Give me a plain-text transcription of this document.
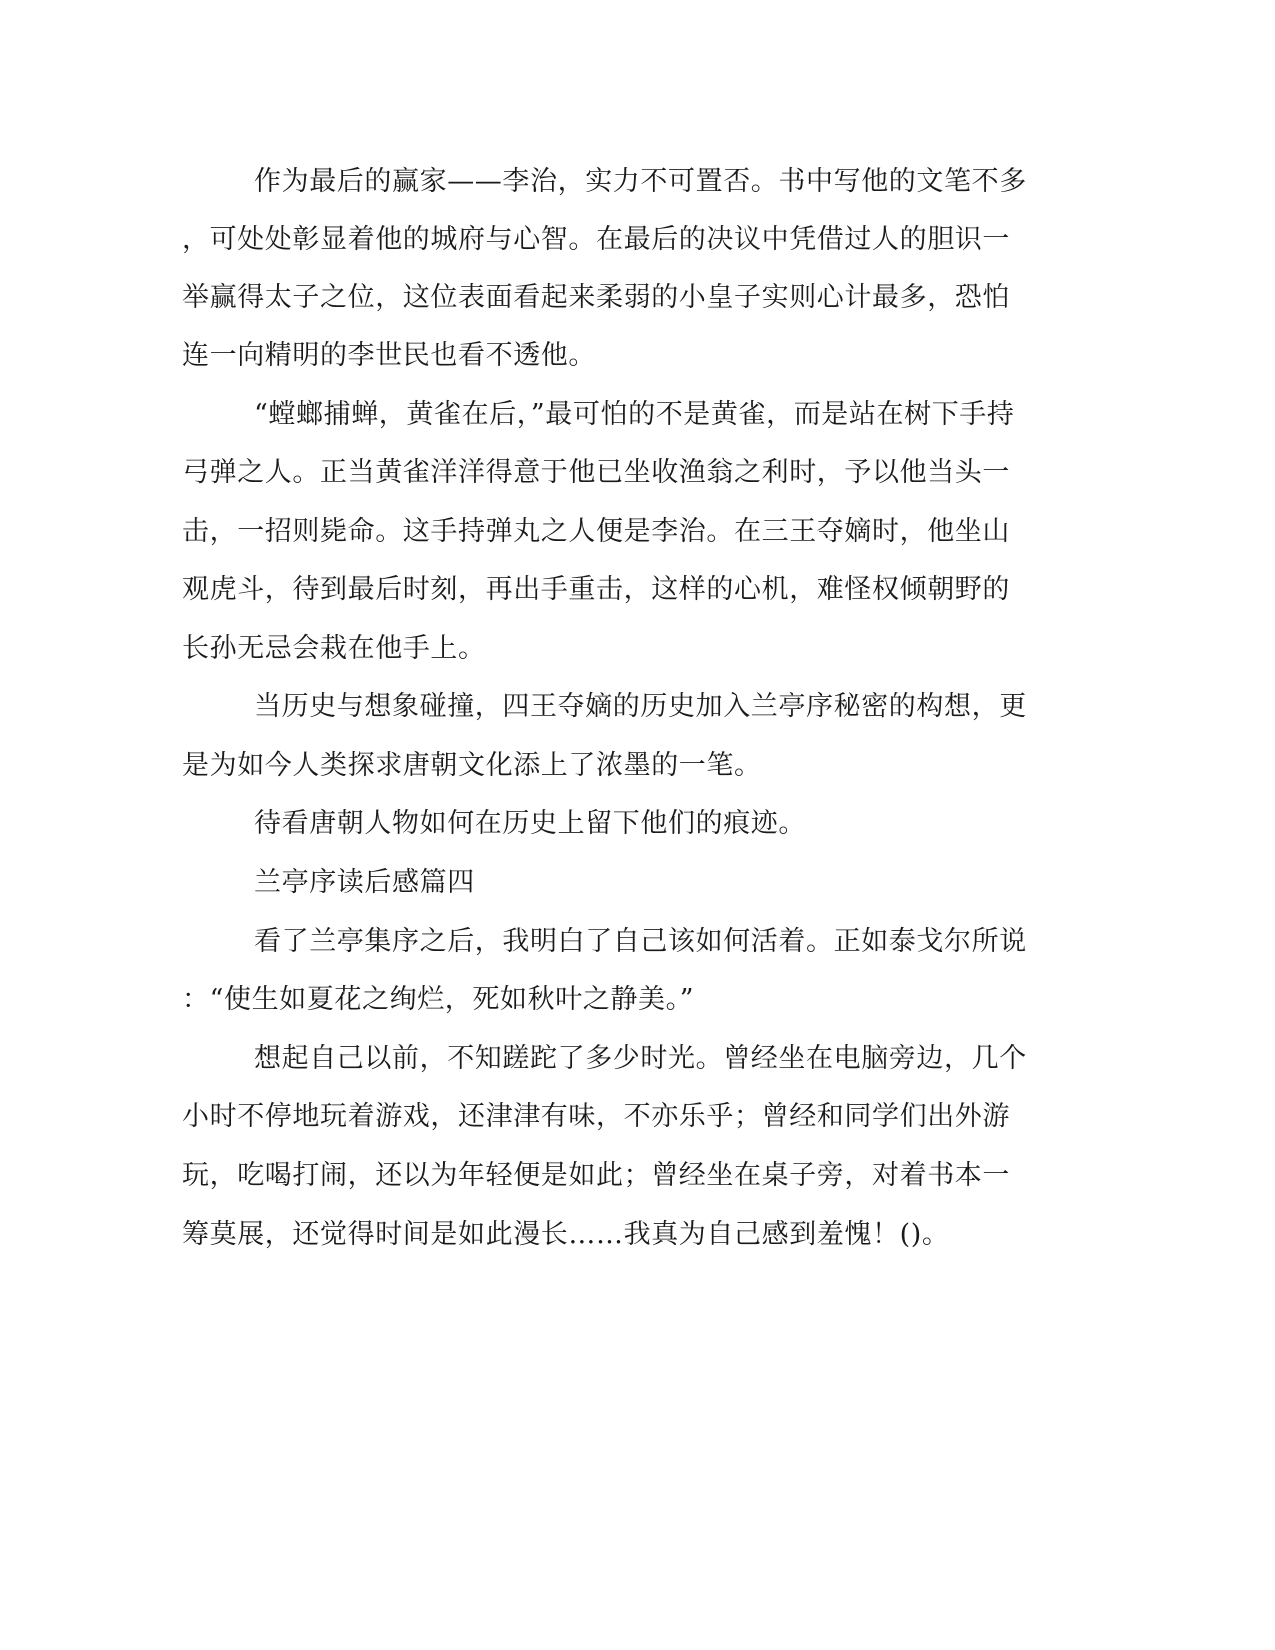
作为最后的赢家——李治，实力不可置否。书中写他的文笔不多

，可处处彰显着他的城府与心智。在最后的决议中凭借过人的胆识一

举赢得太子之位，这位表面看起来柔弱的小皇子实则心计最多，恐怕

连一向精明的李世民也看不透他。

“螳螂捕蝉，黄雀在后，”最可怕的不是黄雀，而是站在树下手持

弓弹之人。正当黄雀洋洋得意于他已坐收渔翁之利时，予以他当头一

击，一招则毙命。这手持弹丸之人便是李治。在三王夺嫡时，他坐山

观虎斗，待到最后时刻，再出手重击，这样的心机，难怪权倾朝野的

长孙无忌会栽在他手上。

当历史与想象碰撞，四王夺嫡的历史加入兰亭序秘密的构想，更

是为如今人类探求唐朝文化添上了浓墨的一笔。

待看唐朝人物如何在历史上留下他们的痕迹。

兰亭序读后感篇四

看了兰亭集序之后，我明白了自己该如何活着。正如泰戈尔所说

：“使生如夏花之绚烂，死如秋叶之静美。”

想起自己以前，不知蹉跎了多少时光。曾经坐在电脑旁边，几个

小时不停地玩着游戏，还津津有味，不亦乐乎；曾经和同学们出外游

玩，吃喝打闹，还以为年轻便是如此；曾经坐在桌子旁，对着书本一

筹莫展，还觉得时间是如此漫长……我真为自己感到羞愧！()。
